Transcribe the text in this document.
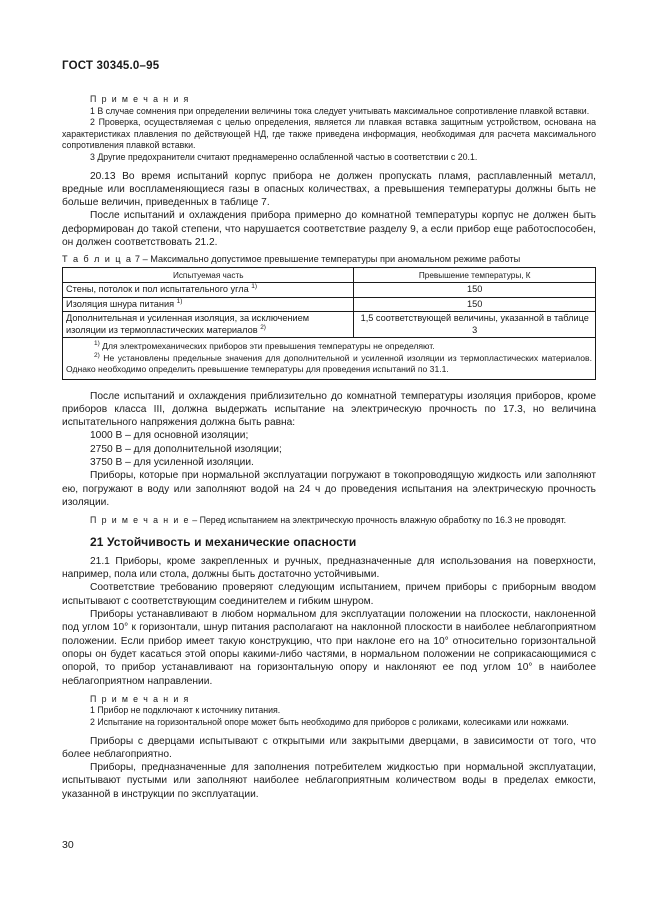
ГОСТ 30345.0–95

П р и м е ч а н и я

1 В случае сомнения при определении величины тока следует учитывать максимальное сопротивление плавкой вставки.

2 Проверка, осуществляемая с целью определения, является ли плавкая вставка защитным устройством, основана на характеристиках плавления по действующей НД, где также приведена информация, необходимая для расчета максимального сопротивления плавкой вставки.

3 Другие предохранители считают преднамеренно ослабленной частью в соответствии с 20.1.

20.13 Во время испытаний корпус прибора не должен пропускать пламя, расплавленный металл, вредные или воспламеняющиеся газы в опасных количествах, а превышения температуры должны быть не больше величин, приведенных в таблице 7.

После испытаний и охлаждения прибора примерно до комнатной температуры корпус не должен быть деформирован до такой степени, что нарушается соответствие разделу 9, а если прибор еще работоспособен, он должен соответствовать 21.2.

Т а б л и ц а 7 – Максимально допустимое превышение температуры при аномальном режиме работы
Испытуемая часть	Превышение температуры, К
Стены, потолок и пол испытательного угла $^{1)}$	150
Изоляция шнура питания $^{1)}$	150
Дополнительная и усиленная изоляция, за исключением изоляции из термопластических материалов $^{2)}$	1,5 соответствующей величины, указанной в таблице 3

$^{1)}$ Для электромеханических приборов эти превышения температуры не определяют.

$^{2)}$ Не установлены предельные значения для дополнительной и усиленной изоляции из термопластических материалов. Однако необходимо определить превышение температуры для проведения испытаний по 31.1.	

После испытаний и охлаждения приблизительно до комнатной температуры изоляция приборов, кроме приборов класса III, должна выдержать испытание на электрическую прочность по 17.3, но величина испытательного напряжения должна быть равна:

1000 В – для основной изоляции;

2750 В – для дополнительной изоляции;

3750 В – для усиленной изоляции.

Приборы, которые при нормальной эксплуатации погружают в токопроводящую жидкость или заполняют ею, погружают в воду или заполняют водой на 24 ч до проведения испытания на электрическую прочность изоляции.

П р и м е ч а н и е – Перед испытанием на электрическую прочность влажную обработку по 16.3 не проводят.

21 Устойчивость и механические опасности

21.1 Приборы, кроме закрепленных и ручных, предназначенные для использования на поверхности, например, пола или стола, должны быть достаточно устойчивыми.

Соответствие требованию проверяют следующим испытанием, причем приборы с приборным вводом испытывают с соответствующим соединителем и гибким шнуром.

Приборы устанавливают в любом нормальном для эксплуатации положении на плоскости, наклоненной под углом 10° к горизонтали, шнур питания располагают на наклонной плоскости в наиболее неблагоприятном положении. Если прибор имеет такую конструкцию, что при наклоне его на 10° относительно горизонтальной опоры он будет касаться этой опоры какими-либо частями, в нормальном положении не соприкасающимися с опорой, то прибор устанавливают на горизонтальную опору и наклоняют ее под углом 10° в наиболее неблагоприятном направлении.

П р и м е ч а н и я

1 Прибор не подключают к источнику питания.

2 Испытание на горизонтальной опоре может быть необходимо для приборов с роликами, колесиками или ножками.

Приборы с дверцами испытывают с открытыми или закрытыми дверцами, в зависимости от того, что более неблагоприятно.

Приборы, предназначенные для заполнения потребителем жидкостью при нормальной эксплуатации, испытывают пустыми или заполняют наиболее неблагоприятным количеством воды в пределах емкости, указанной в инструкции по эксплуатации.

30
